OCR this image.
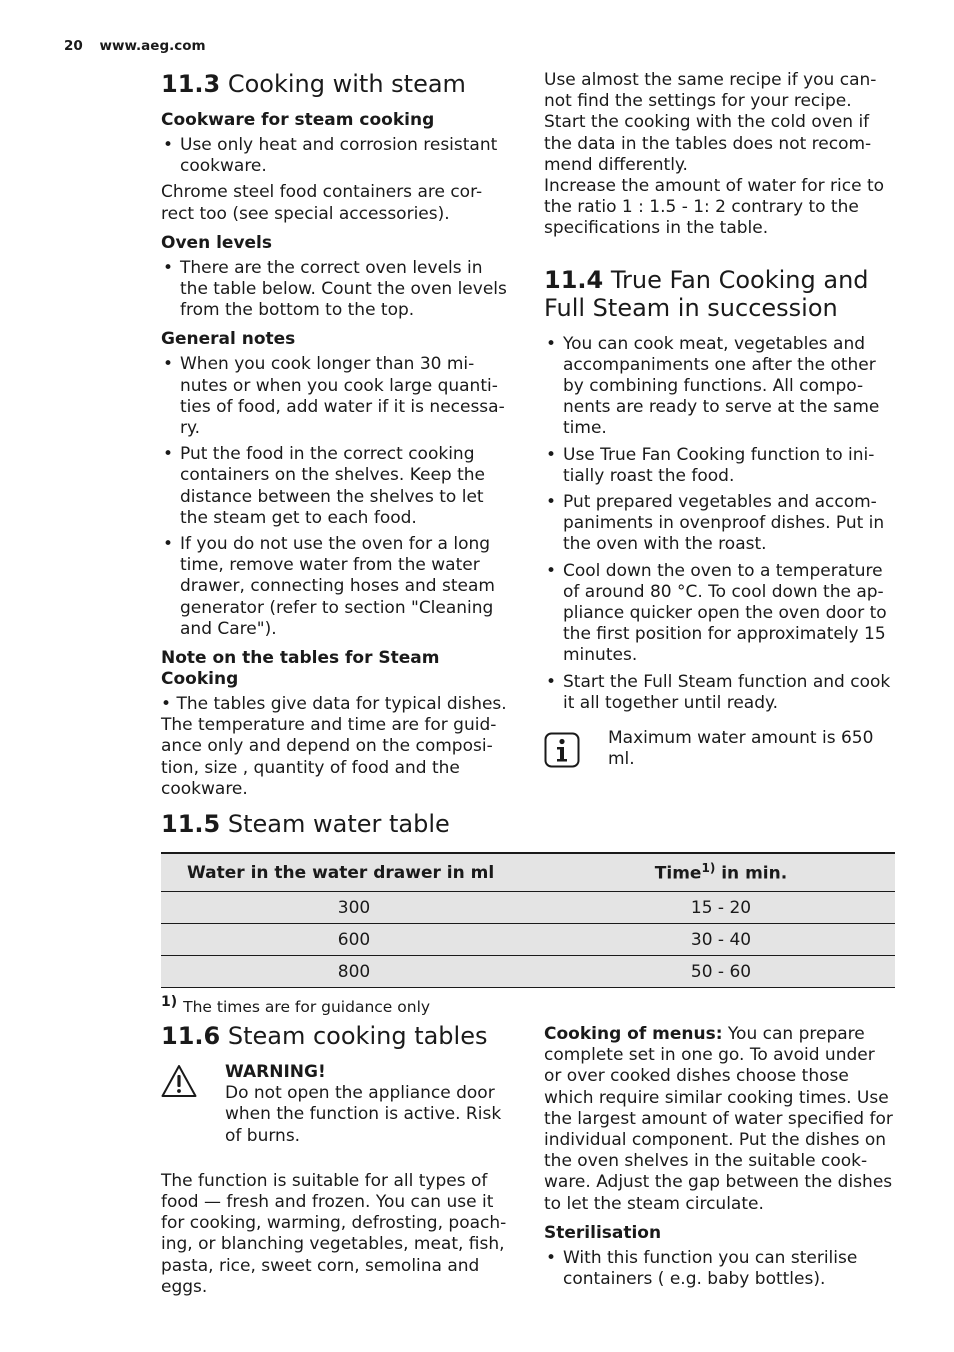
20 www.aeg.com
11.3 Cooking with steam
Cookware for steam cooking
• Use only heat and corrosion resistant cookware.

Chrome steel food containers are cor- rect too (see special accessories).

Oven levels
• There are the correct oven levels in the table below. Count the oven levels from the bottom to the top.
General notes
• When you cook longer than 30 mi- nutes or when you cook large quanti- ties of food, add water if it is necessa- ry.
• Put the food in the correct cooking containers on the shelves. Keep the distance between the shelves to let the steam get to each food.
• If you do not use the oven for a long time, remove water from the water drawer, connecting hoses and steam generator (refer to section "Cleaning and Care").
Note on the tables for Steam Cooking

• The tables give data for typical dishes.

The temperature and time are for guid- ance only and depend on the composi- tion, size , quantity of food and the cookware.

Use almost the same recipe if you can- not find the settings for your recipe.

Start the cooking with the cold oven if the data in the tables does not recom- mend differently.

Increase the amount of water for rice to the ratio 1 : 1.5 - 1: 2 contrary to the specifications in the table.

11.4 True Fan Cooking and Full Steam in succession
• You can cook meat, vegetables and accompaniments one after the other by combining functions. All compo- nents are ready to serve at the same time.
• Use True Fan Cooking function to ini- tially roast the food.
• Put prepared vegetables and accom- paniments in ovenproof dishes. Put in the oven with the roast.
• Cool down the oven to a temperature of around 80 °C. To cool down the ap- pliance quicker open the oven door to the first position for approximately 15 minutes.
• Start the Full Steam function and cook it all together until ready.

Maximum water amount is 650 ml.

11.5 Steam water table
Water in the water drawer in ml	Time$^{1)}$ in min.
300	15 - 20
600	30 - 40
800	50 - 60
1) The times are for guidance only
11.6 Steam cooking tables

WARNING!

Do not open the appliance door when the function is active. Risk of burns.

The function is suitable for all types of food — fresh and frozen. You can use it for cooking, warming, defrosting, poach- ing, or blanching vegetables, meat, fish, pasta, rice, sweet corn, semolina and eggs.

Cooking of menus: You can prepare complete set in one go. To avoid under or over cooked dishes choose those which require similar cooking times. Use the largest amount of water specified for individual component. Put the dishes on the oven shelves in the suitable cook- ware. Adjust the gap between the dishes to let the steam circulate.

Sterilisation
• With this function you can sterilise containers ( e.g. baby bottles).
